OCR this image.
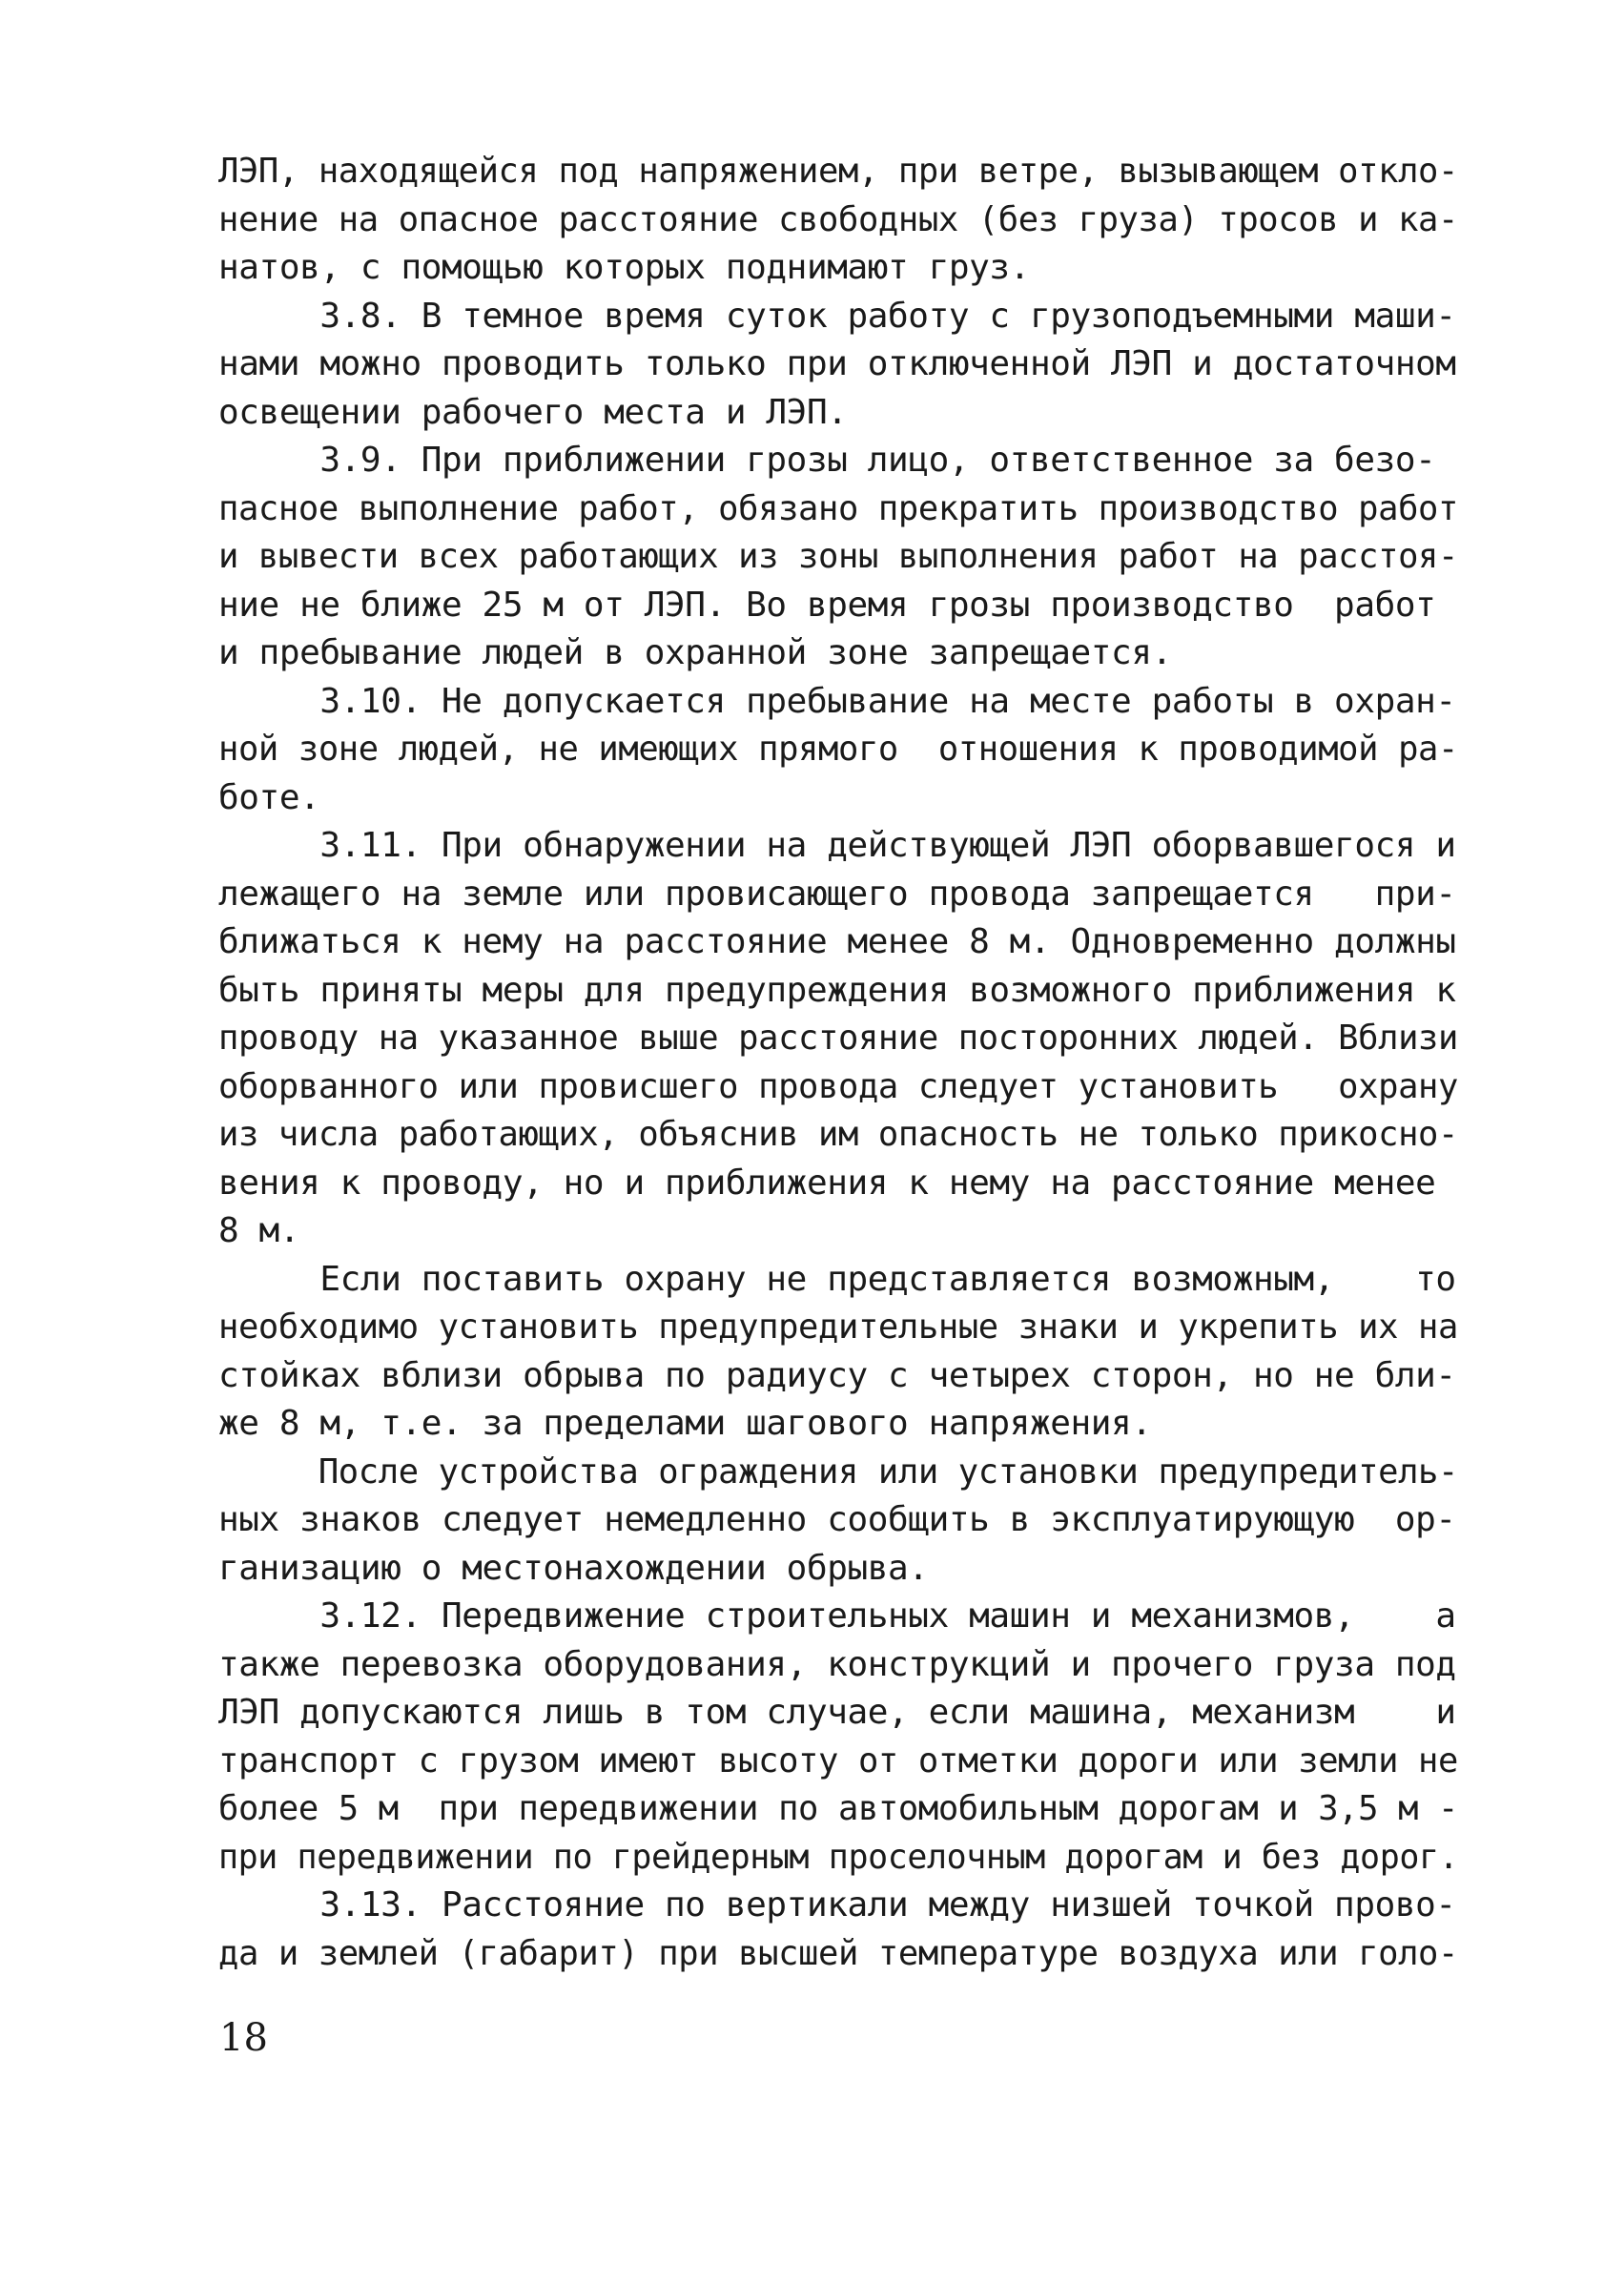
ЛЭП, находящейся под напряжением, при ветре, вызывающем откло-
нение на опасное расстояние свободных (без груза) тросов и ка-
натов, с помощью которых поднимают груз.
3.8. В темное время суток работу с грузоподъемными маши-
нами можно проводить только при отключенной ЛЭП и достаточном
освещении рабочего места и ЛЭП.
3.9. При приближении грозы лицо, ответственное за безо-
пасное выполнение работ, обязано прекратить производство работ
и вывести всех работающих из зоны выполнения работ на расстоя-
ние не ближе 25 м от ЛЭП. Во время грозы производство  работ
и пребывание людей в охранной зоне запрещается.
3.10. Не допускается пребывание на месте работы в охран-
ной зоне людей, не имеющих прямого  отношения к проводимой ра-
боте.
3.11. При обнаружении на действующей ЛЭП оборвавшегося и
лежащего на земле или провисающего провода запрещается   при-
ближаться к нему на расстояние менее 8 м. Одновременно должны
быть приняты меры для предупреждения возможного приближения к
проводу на указанное выше расстояние посторонних людей. Вблизи
оборванного или провисшего провода следует установить   охрану
из числа работающих, объяснив им опасность не только прикосно-
вения к проводу, но и приближения к нему на расстояние менее
8 м.
Если поставить охрану не представляется возможным,    то
необходимо установить предупредительные знаки и укрепить их на
стойках вблизи обрыва по радиусу с четырех сторон, но не бли-
же 8 м, т.е. за пределами шагового напряжения.
После устройства ограждения или установки предупредитель-
ных знаков следует немедленно сообщить в эксплуатирующую  ор-
ганизацию о местонахождении обрыва.
3.12. Передвижение строительных машин и механизмов,    а
также перевозка оборудования, конструкций и прочего груза под
ЛЭП допускаются лишь в том случае, если машина, механизм    и
транспорт с грузом имеют высоту от отметки дороги или земли не
более 5 м  при передвижении по автомобильным дорогам и 3,5 м -
при передвижении по грейдерным проселочным дорогам и без дорог.
3.13. Расстояние по вертикали между низшей точкой прово-
да и землей (габарит) при высшей температуре воздуха или голо-
18
